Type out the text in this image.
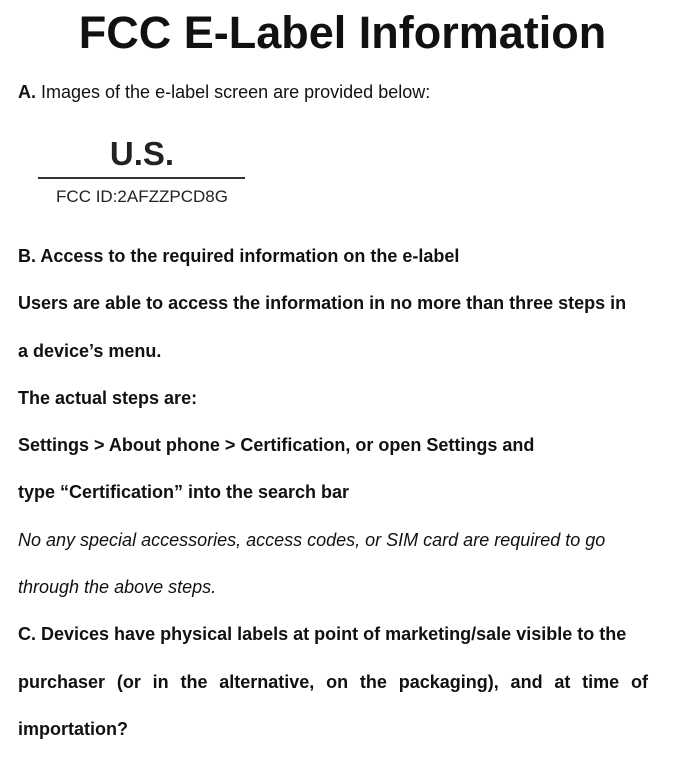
FCC E-Label Information

A. Images of the e-label screen are provided below:

U.S.
FCC ID:2AFZZPCD8G

B. Access to the required information on the e-label

Users are able to access the information in no more than three steps in

a device’s menu.

The actual steps are:

Settings > About phone > Certification, or open Settings and

type “Certification” into the search bar

No any special accessories, access codes, or SIM card are required to go

through the above steps.

C. Devices have physical labels at point of marketing/sale visible to the

purchaser (or in the alternative, on the packaging), and at time of

importation?
